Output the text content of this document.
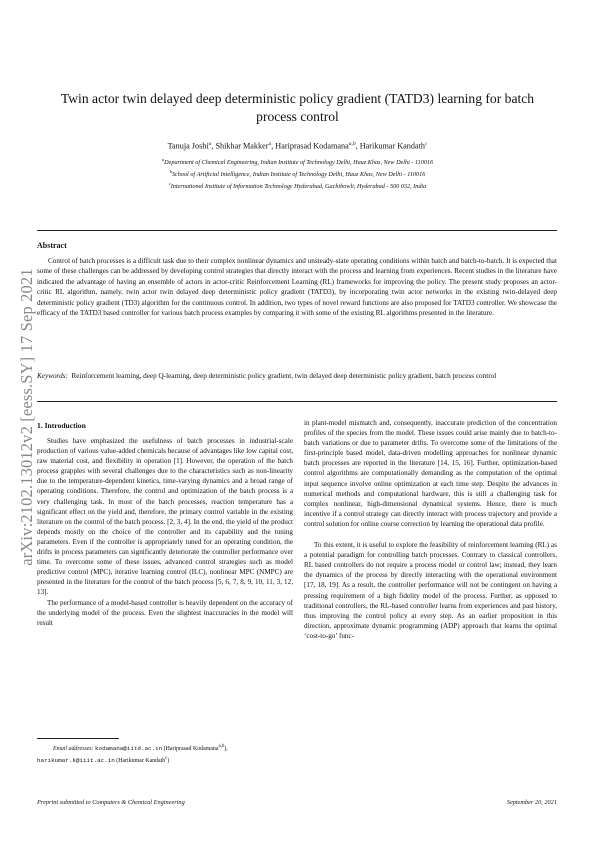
arXiv:2102.13012v2 [eess.SY] 17 Sep 2021
Twin actor twin delayed deep deterministic policy gradient (TATD3) learning for batch process control
Tanuja Joshi$^a$, Shikhar Makker$^a$, Hariprasad Kodamana$^{a,b}$, Harikumar Kandath$^c$
$^a$Department of Chemical Engineering, Indian Institute of Technology Delhi, Hauz Khas, New Delhi - 110016
$^b$School of Artificial Intelligence, Indian Institute of Technology Delhi, Hauz Khas, New Delhi - 110016
$^c$International Institute of Information Technology Hyderabad, Gachibowli, Hyderabad - 500 032, India
Abstract
Control of batch processes is a difficult task due to their complex nonlinear dynamics and unsteady-state operating conditions within batch and batch-to-batch. It is expected that some of these challenges can be addressed by developing control strategies that directly interact with the process and learning from experiences. Recent studies in the literature have indicated the advantage of having an ensemble of actors in actor-critic Reinforcement Learning (RL) frameworks for improving the policy. The present study proposes an actor-critic RL algorithm, namely, twin actor twin delayed deep deterministic policy gradient (TATD3), by incorporating twin actor networks in the existing twin-delayed deep deterministic policy gradient (TD3) algorithm for the continuous control. In addition, two types of novel reward functions are also proposed for TATD3 controller. We showcase the efficacy of the TATD3 based controller for various batch process examples by comparing it with some of the existing RL algorithms presented in the literature.
Keywords: Reinforcement learning, deep Q-learning, deep deterministic policy gradient, twin delayed deep deterministic policy gradient, batch process control
1. Introduction

Studies have emphasized the usefulness of batch processes in industrial-scale production of various value-added chemicals because of advantages like low capital cost, raw material cost, and flexibility in operation [1]. However, the operation of the batch process grapples with several challenges due to the characteristics such as non-linearity due to the temperature-dependent kinetics, time-varying dynamics and a broad range of operating conditions. Therefore, the control and optimization of the batch process is a very challenging task. In most of the batch processes, reaction temperature has a significant effect on the yield and, therefore, the primary control variable in the existing literature on the control of the batch process. [2, 3, 4]. In the end, the yield of the product depends mostly on the choice of the controller and its capability and the tuning parameters. Even if the controller is appropriately tuned for an operating condition, the drifts in process parameters can significantly deteriorate the controller performance over time. To overcome some of these issues, advanced control strategies such as model predictive control (MPC), iterative learning control (ILC), nonlinear MPC (NMPC) are presented in the literature for the control of the batch process [5, 6, 7, 8, 9, 10, 11, 3, 12, 13].

The performance of a model-based controller is heavily dependent on the accuracy of the underlying model of the process. Even the slightest inaccuracies in the model will result

in plant-model mismatch and, consequently, inaccurate prediction of the concentration profiles of the species from the model. These issues could arise mainly due to batch-to-batch variations or due to parameter drifts. To overcome some of the limitations of the first-principle based model, data-driven modelling approaches for nonlinear dynamic batch processes are reported in the literature [14, 15, 16]. Further, optimization-based control algorithms are computationally demanding as the computation of the optimal input sequence involve online optimization at each time step. Despite the advances in numerical methods and computational hardware, this is still a challenging task for complex nonlinear, high-dimensional dynamical systems. Hence, there is much incentive if a control strategy can directly interact with process trajectory and provide a control solution for online course correction by learning the operational data profile.

To this extent, it is useful to explore the feasibility of reinforcement learning (RL) as a potential paradigm for controlling batch processes. Contrary to classical controllers, RL based controllers do not require a process model or control law; instead, they learn the dynamics of the process by directly interacting with the operational environment [17, 18, 19]. As a result, the controller performance will not be contingent on having a pressing requirement of a high fidelity model of the process. Further, as opposed to traditional controllers, the RL-based controller learns from experiences and past history, thus improving the control policy at every step. As an earlier proposition in this direction, approximate dynamic programming (ADP) approach that learns the optimal ‘cost-to-go’ func-

Email addresses: kodamana@iitd.ac.in (Hariprasad Kodamana$^{a,b}$),
harikumar.k@iiit.ac.in (Harikumar Kandath$^c$)
Preprint submitted to Computers & Chemical Engineering	September 20, 2021
